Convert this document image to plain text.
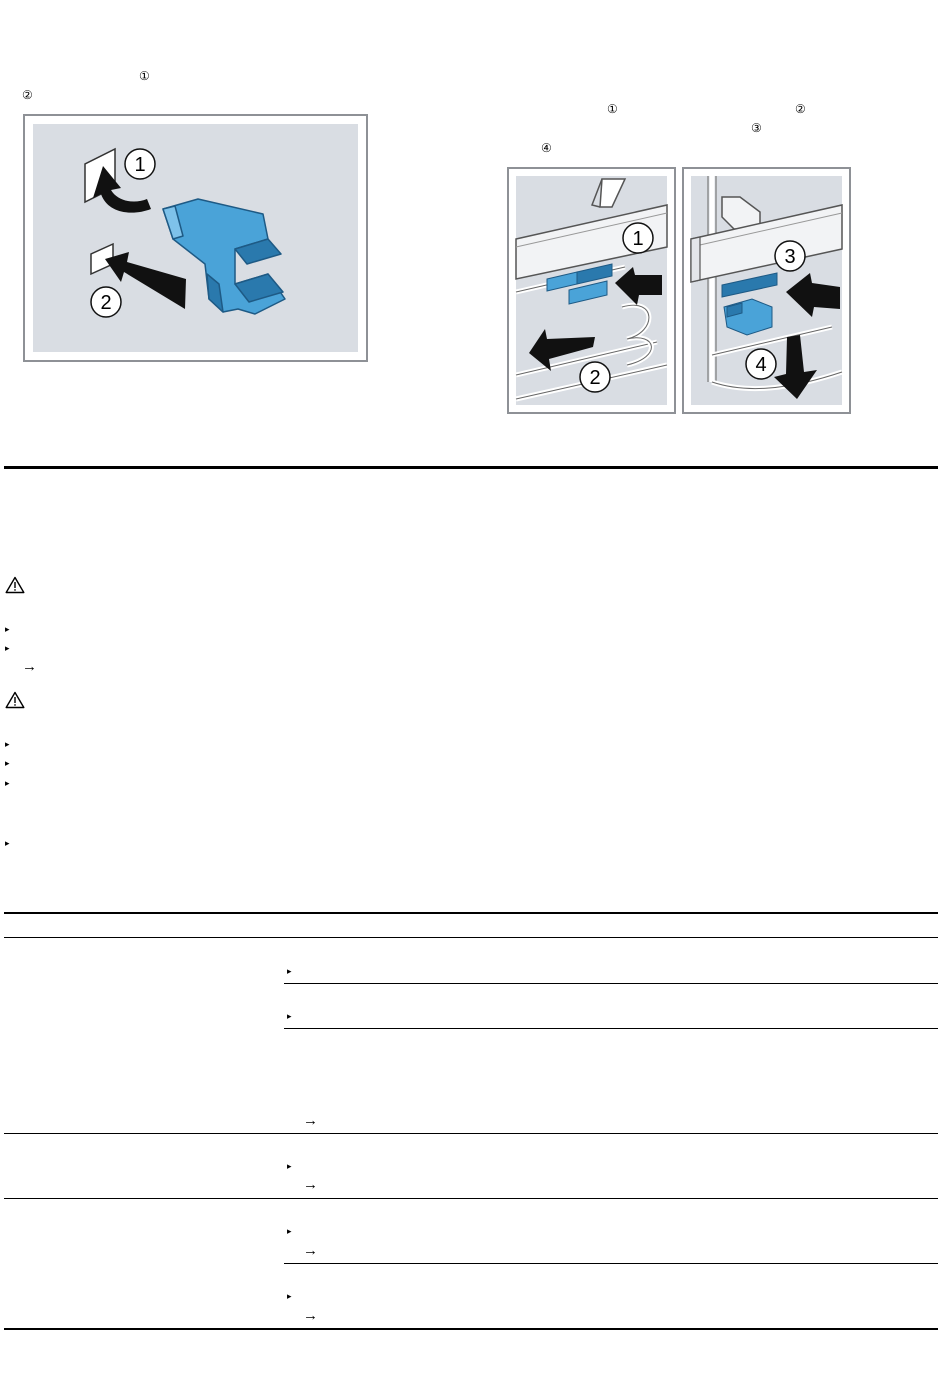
①
②
1
2
①	②
③
④
1
2
3
4
▸
▸
→
▸
▸
▸
▸
▸
▸
→
▸
→
▸
→
▸
→
